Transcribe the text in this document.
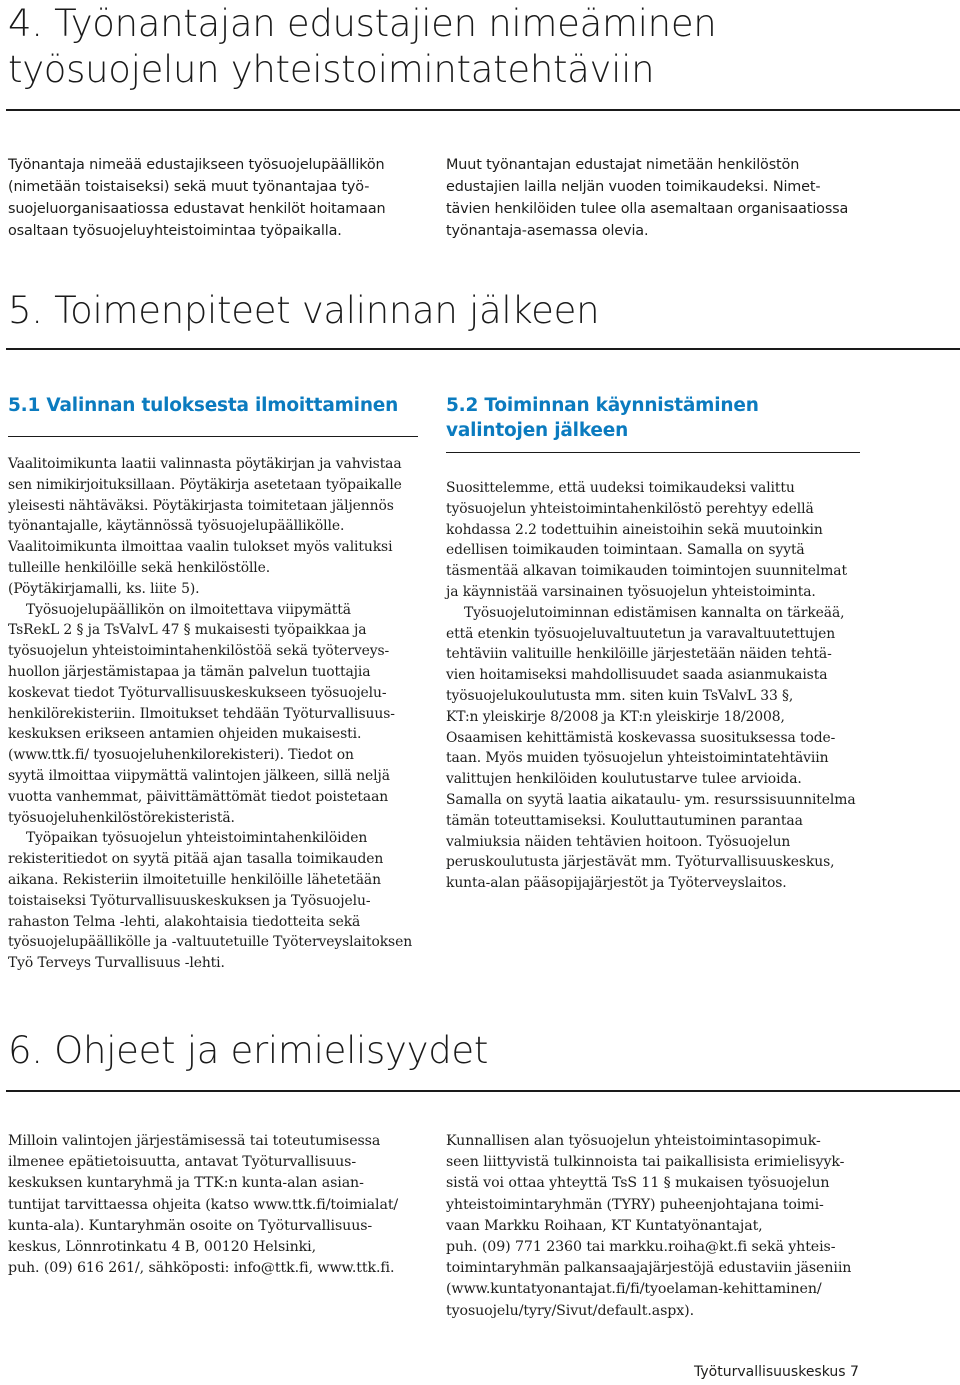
4. Työnantajan edustajien nimeäminen
työsuojelun yhteistoimintatehtäviin
Työnantaja nimeää edustajikseen työsuojelupäällikön
(nimetään toistaiseksi) sekä muut työnantajaa työ-
suojeluorganisaatiossa edustavat henkilöt hoitamaan
osaltaan työsuojeluyhteistoimintaa työpaikalla.
Muut työnantajan edustajat nimetään henkilöstön
edustajien lailla neljän vuoden toimikaudeksi. Nimet-
tävien henkilöiden tulee olla asemaltaan organisaatiossa
työnantaja-asemassa olevia.
5. Toimenpiteet valinnan jälkeen
5.1 Valinnan tuloksesta ilmoittaminen
Vaalitoimikunta laatii valinnasta pöytäkirjan ja vahvistaa
sen nimikirjoituksillaan. Pöytäkirja asetetaan työpaikalle
yleisesti nähtäväksi. Pöytäkirjasta toimitetaan jäljennös
työnantajalle, käytännössä työsuojelupäällikölle.
Vaalitoimikunta ilmoittaa vaalin tulokset myös valituksi
tulleille henkilöille sekä henkilöstölle.
(Pöytäkirjamalli, ks. liite 5).
Työsuojelupäällikön on ilmoitettava viipymättä
TsRekL 2 § ja TsValvL 47 § mukaisesti työpaikkaa ja
työsuojelun yhteistoimintahenkilöstöä sekä työterveys-
huollon järjestämistapaa ja tämän palvelun tuottajia
koskevat tiedot Työturvallisuuskeskukseen työsuojelu-
henkilörekisteriin. Ilmoitukset tehdään Työturvallisuus-
keskuksen erikseen antamien ohjeiden mukaisesti.
(www.ttk.fi/ tyosuojeluhenkilorekisteri). Tiedot on
syytä ilmoittaa viipymättä valintojen jälkeen, sillä neljä
vuotta vanhemmat, päivittämättömät tiedot poistetaan
työsuojeluhenkilöstörekisteristä.
Työpaikan työsuojelun yhteistoimintahenkilöiden
rekisteritiedot on syytä pitää ajan tasalla toimikauden
aikana. Rekisteriin ilmoitetuille henkilöille lähetetään
toistaiseksi Työturvallisuuskeskuksen ja Työsuojelu-
rahaston Telma -lehti, alakohtaisia tiedotteita sekä
työsuojelupäällikölle ja -valtuutetuille Työterveyslaitoksen
Työ Terveys Turvallisuus -lehti.
5.2 Toiminnan käynnistäminen
valintojen jälkeen
Suosittelemme, että uudeksi toimikaudeksi valittu
työsuojelun yhteistoimintahenkilöstö perehtyy edellä
kohdassa 2.2 todettuihin aineistoihin sekä muutoinkin
edellisen toimikauden toimintaan. Samalla on syytä
täsmentää alkavan toimikauden toimintojen suunnitelmat
ja käynnistää varsinainen työsuojelun yhteistoiminta.
Työsuojelutoiminnan edistämisen kannalta on tärkeää,
että etenkin työsuojeluvaltuutetun ja varavaltuutettujen
tehtäviin valituille henkilöille järjestetään näiden tehtä-
vien hoitamiseksi mahdollisuudet saada asianmukaista
työsuojelukoulutusta mm. siten kuin TsValvL 33 §,
KT:n yleiskirje 8/2008 ja KT:n yleiskirje 18/2008,
Osaamisen kehittämistä koskevassa suosituksessa tode-
taan. Myös muiden työsuojelun yhteistoimintatehtäviin
valittujen henkilöiden koulutustarve tulee arvioida.
Samalla on syytä laatia aikataulu- ym. resurssisuunnitelma
tämän toteuttamiseksi. Kouluttautuminen parantaa
valmiuksia näiden tehtävien hoitoon. Työsuojelun
peruskoulutusta järjestävät mm. Työturvallisuuskeskus,
kunta-alan pääsopijajärjestöt ja Työterveyslaitos.
6. Ohjeet ja erimielisyydet
Milloin valintojen järjestämisessä tai toteutumisessa
ilmenee epätietoisuutta, antavat Työturvallisuus-
keskuksen kuntaryhmä ja TTK:n kunta-alan asian-
tuntijat tarvittaessa ohjeita (katso www.ttk.fi/toimialat/
kunta-ala). Kuntaryhmän osoite on Työturvallisuus-
keskus, Lönnrotinkatu 4 B, 00120 Helsinki,
puh. (09) 616 261/, sähköposti: info@ttk.fi, www.ttk.fi.
Kunnallisen alan työsuojelun yhteistoimintasopimuk-
seen liittyvistä tulkinnoista tai paikallisista erimielisyyk-
sistä voi ottaa yhteyttä TsS 11 § mukaisen työsuojelun
yhteistoimintaryhmän (TYRY) puheenjohtajana toimi-
vaan Markku Roihaan, KT Kuntatyönantajat,
puh. (09) 771 2360 tai markku.roiha@kt.fi sekä yhteis-
toimintaryhmän palkansaajajärjestöjä edustaviin jäseniin
(www.kuntatyonantajat.fi/fi/tyoelaman-kehittaminen/
tyosuojelu/tyry/Sivut/default.aspx).
Työturvallisuuskeskus 7
